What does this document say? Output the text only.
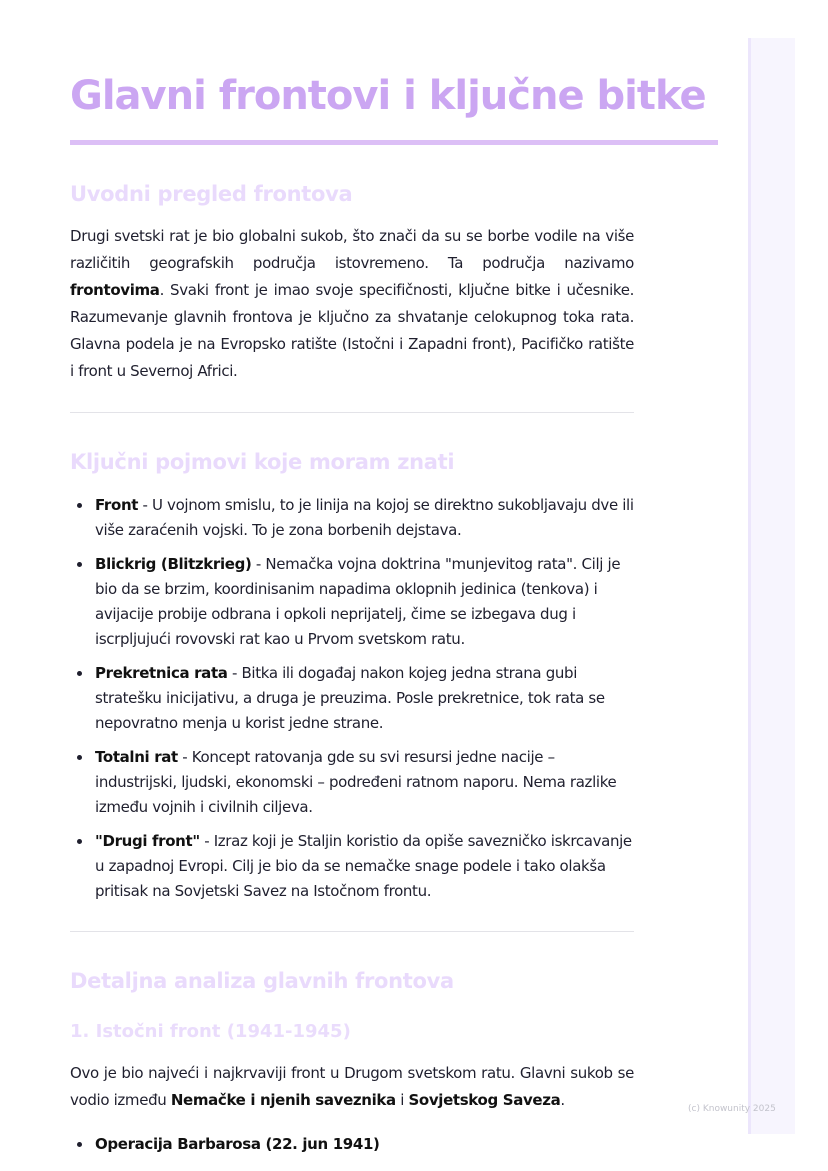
(c) Knowunity 2025
Glavni frontovi i ključne bitke
Uvodni pregled frontova

Drugi svetski rat je bio globalni sukob, što znači da su se borbe vodile na više različitih geografskih područja istovremeno. Ta područja nazivamo frontovima. Svaki front je imao svoje specifičnosti, ključne bitke i učesnike. Razumevanje glavnih frontova je ključno za shvatanje celokupnog toka rata. Glavna podela je na Evropsko ratište (Istočni i Zapadni front), Pacifičko ratište i front u Severnoj Africi.

Ključni pojmovi koje moram znati
Front - U vojnom smislu, to je linija na kojoj se direktno sukobljavaju dve ili više zaraćenih vojski. To je zona borbenih dejstava.
Blickrig (Blitzkrieg) - Nemačka vojna doktrina "munjevitog rata". Cilj je bio da se brzim, koordinisanim napadima oklopnih jedinica (tenkova) i avijacije probije odbrana i opkoli neprijatelj, čime se izbegava dug i iscrpljujući rovovski rat kao u Prvom svetskom ratu.
Prekretnica rata - Bitka ili događaj nakon kojeg jedna strana gubi stratešku inicijativu, a druga je preuzima. Posle prekretnice, tok rata se nepovratno menja u korist jedne strane.
Totalni rat - Koncept ratovanja gde su svi resursi jedne nacije – industrijski, ljudski, ekonomski – podređeni ratnom naporu. Nema razlike između vojnih i civilnih ciljeva.
"Drugi front" - Izraz koji je Staljin koristio da opiše savezničko iskrcavanje u zapadnoj Evropi. Cilj je bio da se nemačke snage podele i tako olakša pritisak na Sovjetski Savez na Istočnom frontu.
Detaljna analiza glavnih frontova
1. Istočni front (1941-1945)

Ovo je bio najveći i najkrvaviji front u Drugom svetskom ratu. Glavni sukob se vodio između Nemačke i njenih saveznika i Sovjetskog Saveza.

Operacija Barbarosa (22. jun 1941)
